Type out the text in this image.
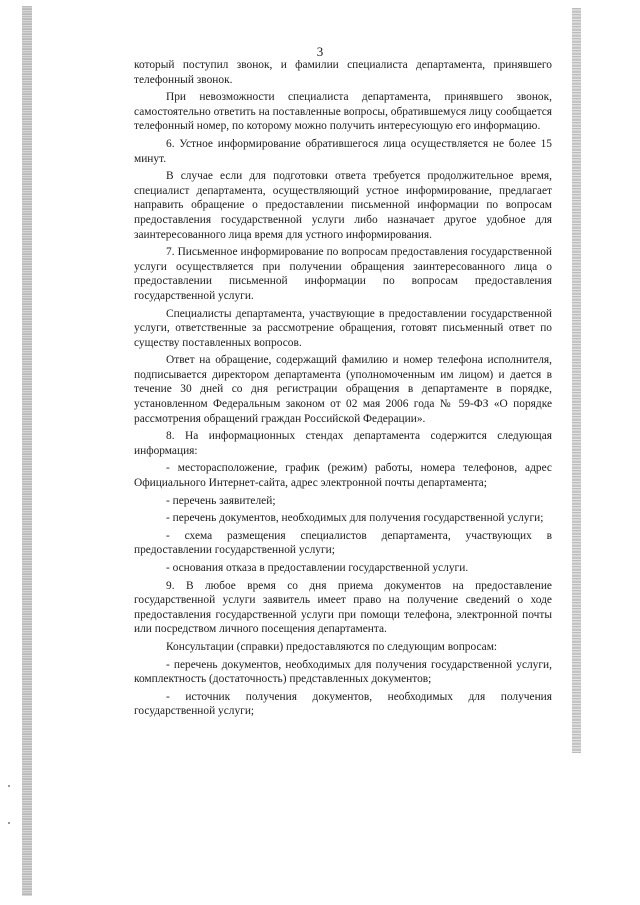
3

который поступил звонок, и фамилии специалиста департамента, принявшего телефонный звонок.

При невозможности специалиста департамента, принявшего звонок, самостоятельно ответить на поставленные вопросы, обратившемуся лицу сообщается телефонный номер, по которому можно получить интересующую его информацию.

6. Устное информирование обратившегося лица осуществляется не более 15 минут.

В случае если для подготовки ответа требуется продолжительное время, специалист департамента, осуществляющий устное информирование, предлагает направить обращение о предоставлении письменной информации по вопросам предоставления государственной услуги либо назначает другое удобное для заинтересованного лица время для устного информирования.

7. Письменное информирование по вопросам предоставления государственной услуги осуществляется при получении обращения заинтересованного лица о предоставлении письменной информации по вопросам предоставления государственной услуги.

Специалисты департамента, участвующие в предоставлении государственной услуги, ответственные за рассмотрение обращения, готовят письменный ответ по существу поставленных вопросов.

Ответ на обращение, содержащий фамилию и номер телефона исполнителя, подписывается директором департамента (уполномоченным им лицом) и дается в течение 30 дней со дня регистрации обращения в департаменте в порядке, установленном Федеральным законом от 02 мая 2006 года № 59-ФЗ «О порядке рассмотрения обращений граждан Российской Федерации».

8. На информационных стендах департамента содержится следующая информация:

- месторасположение, график (режим) работы, номера телефонов, адрес Официального Интернет-сайта, адрес электронной почты департамента;

- перечень заявителей;

- перечень документов, необходимых для получения государственной услуги;

- схема размещения специалистов департамента, участвующих в предоставлении государственной услуги;

- основания отказа в предоставлении государственной услуги.

9. В любое время со дня приема документов на предоставление государственной услуги заявитель имеет право на получение сведений о ходе предоставления государственной услуги при помощи телефона, электронной почты или посредством личного посещения департамента.

Консультации (справки) предоставляются по следующим вопросам:

- перечень документов, необходимых для получения государственной услуги, комплектность (достаточность) представленных документов;

- источник получения документов, необходимых для получения государственной услуги;
